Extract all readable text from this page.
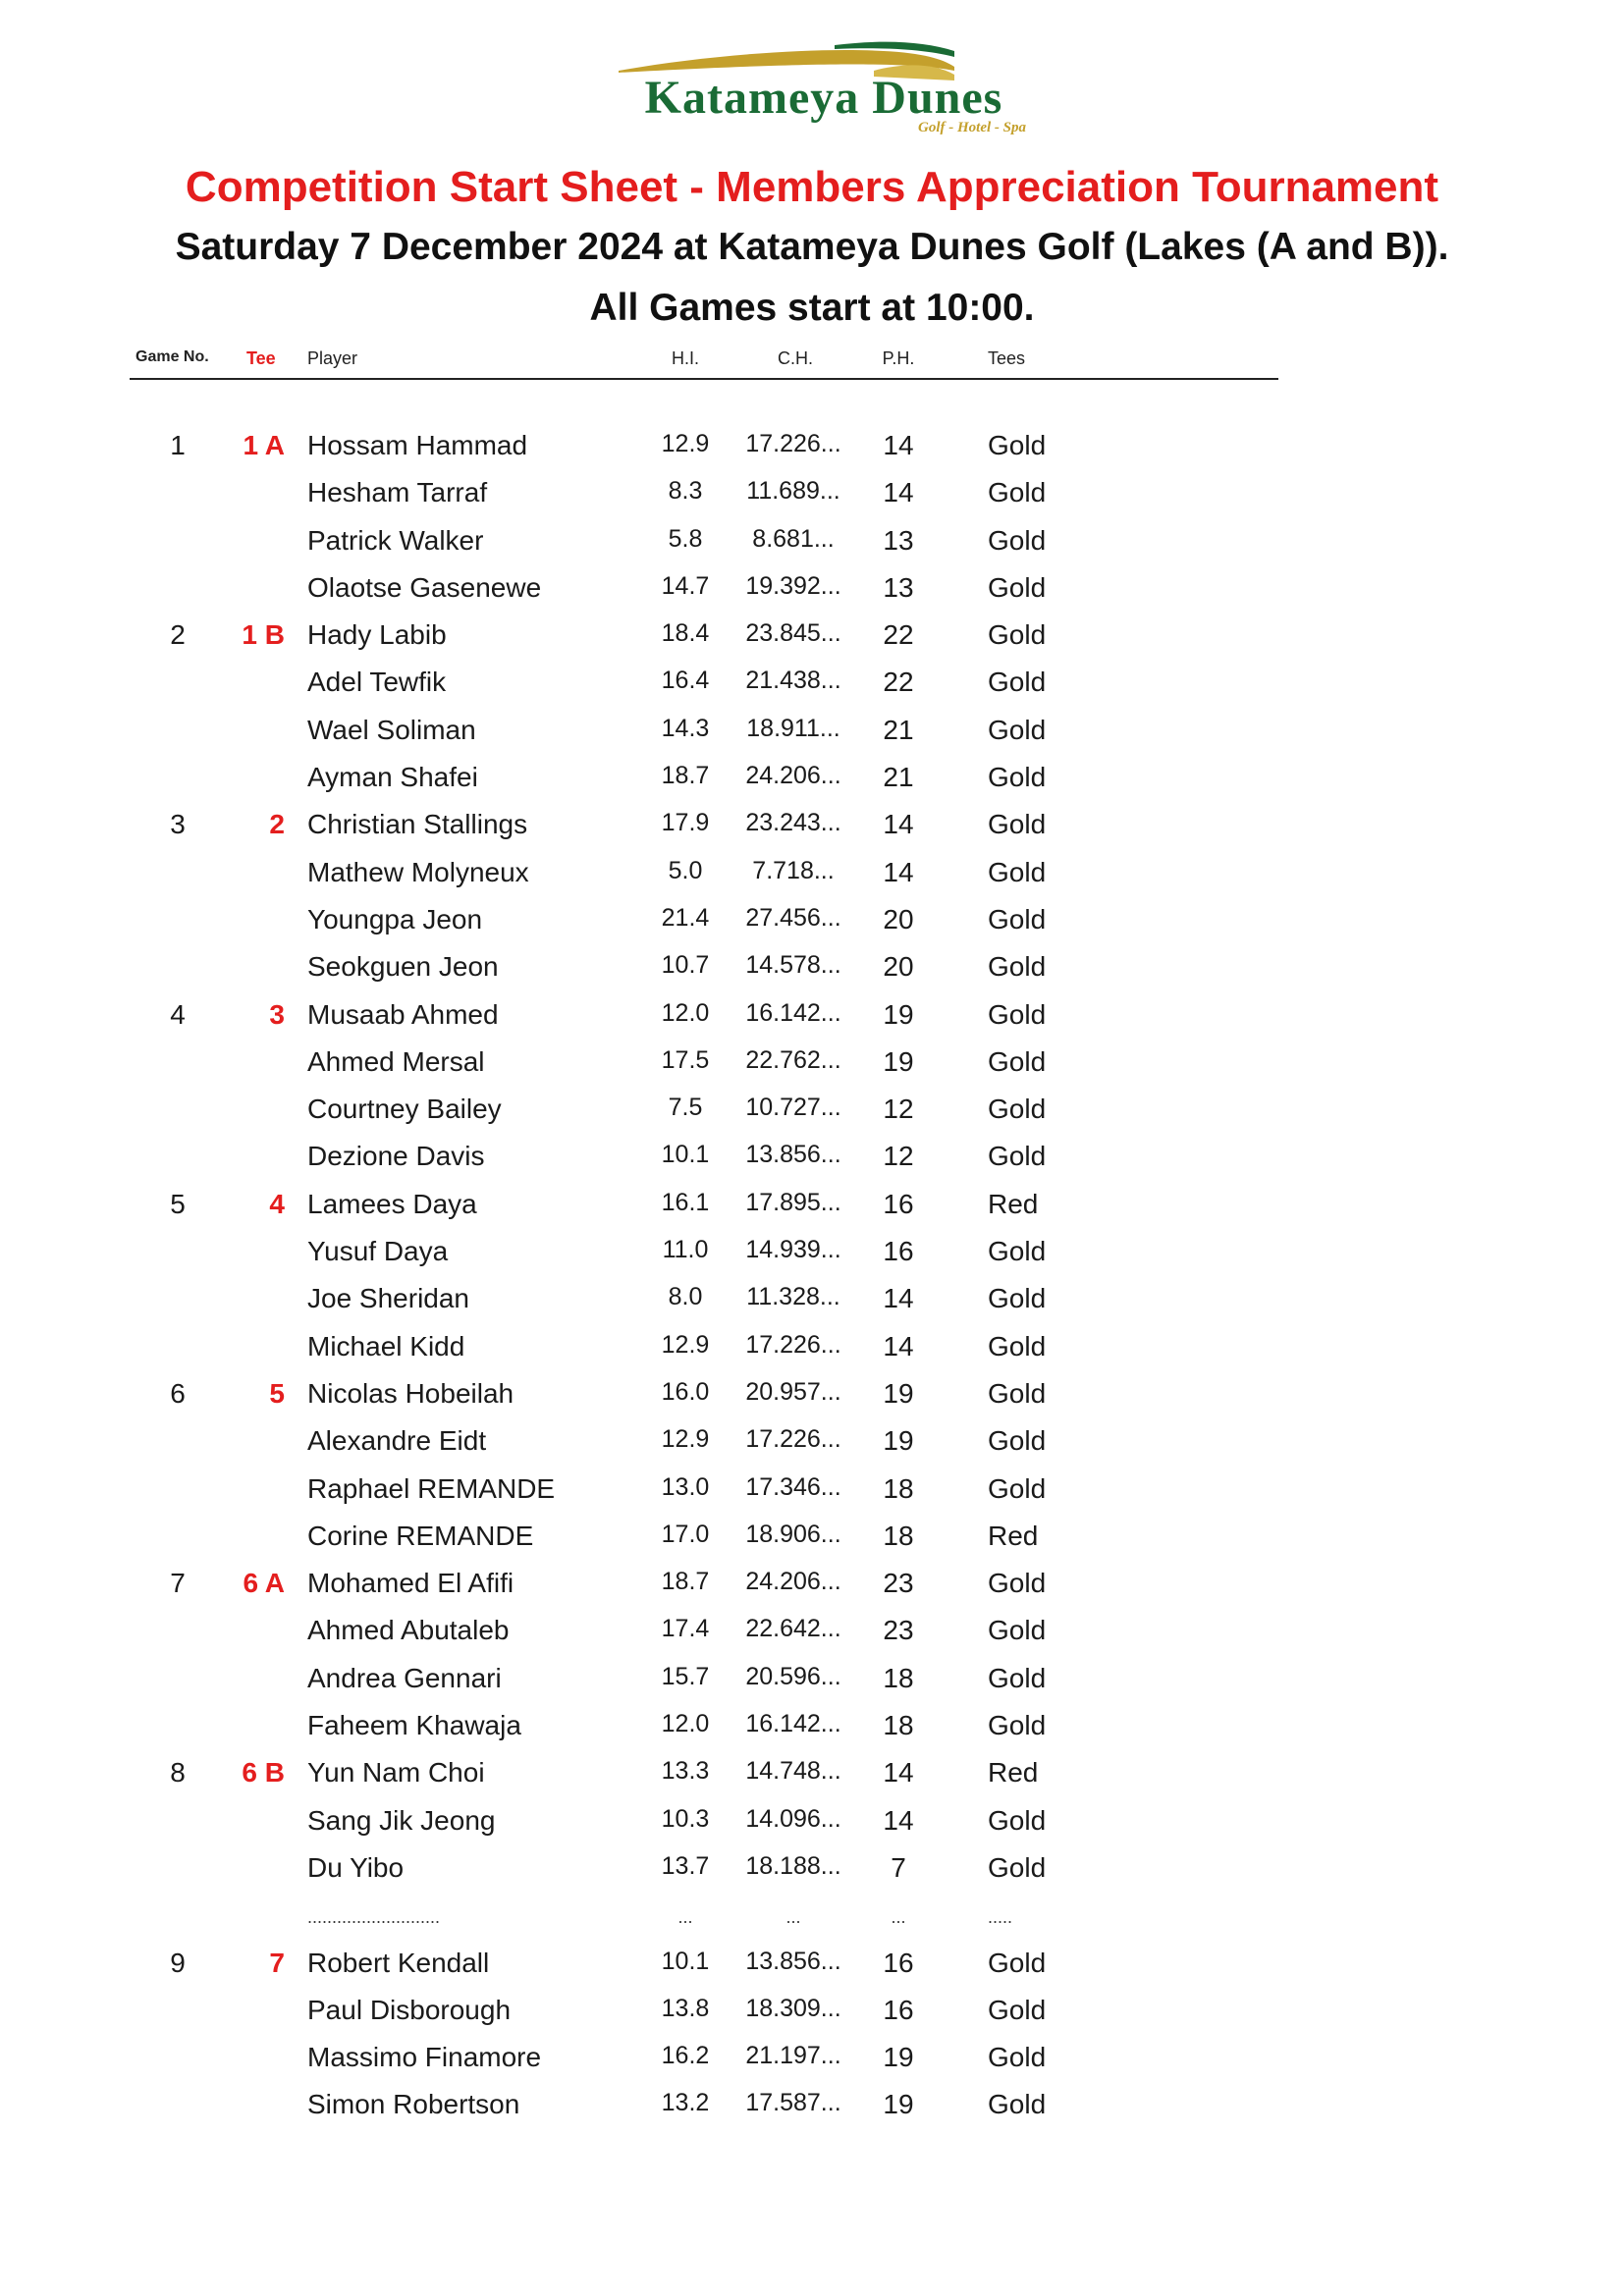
Katameya Dunes
Golf - Hotel - Spa
Competition Start Sheet - Members Appreciation Tournament
Saturday 7 December 2024 at Katameya Dunes Golf (Lakes (A and B)).
All Games start at 10:00.
Game No. Tee Player	H.I.	C.H.	P.H.	Tees
1	1 A Hossam Hammad	12.9	17.226...	14	Gold
Hesham Tarraf	8.3	11.689...	14	Gold
Patrick Walker	5.8	8.681...	13	Gold
Olaotse Gasenewe	14.7	19.392...	13	Gold
2	1 B Hady Labib	18.4	23.845...	22	Gold
Adel Tewfik	16.4	21.438...	22	Gold
Wael Soliman	14.3	18.911...	21	Gold
Ayman Shafei	18.7	24.206...	21	Gold
3	2 Christian Stallings	17.9	23.243...	14	Gold
Mathew Molyneux	5.0	7.718...	14	Gold
Youngpa Jeon	21.4	27.456...	20	Gold
Seokguen Jeon	10.7	14.578...	20	Gold
4	3 Musaab Ahmed	12.0	16.142...	19	Gold
Ahmed Mersal	17.5	22.762...	19	Gold
Courtney Bailey	7.5	10.727...	12	Gold
Dezione Davis	10.1	13.856...	12	Gold
5	4 Lamees Daya	16.1	17.895...	16	Red
Yusuf Daya	11.0	14.939...	16	Gold
Joe Sheridan	8.0	11.328...	14	Gold
Michael Kidd	12.9	17.226...	14	Gold
6	5 Nicolas Hobeilah	16.0	20.957...	19	Gold
Alexandre Eidt	12.9	17.226...	19	Gold
Raphael REMANDE	13.0	17.346...	18	Gold
Corine REMANDE	17.0	18.906...	18	Red
7	6 A Mohamed El Afifi	18.7	24.206...	23	Gold
Ahmed Abutaleb	17.4	22.642...	23	Gold
Andrea Gennari	15.7	20.596...	18	Gold
Faheem Khawaja	12.0	16.142...	18	Gold
8	6 B Yun Nam Choi	13.3	14.748...	14	Red
Sang Jik Jeong	10.3	14.096...	14	Gold
Du Yibo	13.7	18.188...	7	Gold
...........................	...	...	...	.....
9	7 Robert Kendall	10.1	13.856...	16	Gold
Paul Disborough	13.8	18.309...	16	Gold
Massimo Finamore	16.2	21.197...	19	Gold
Simon Robertson	13.2	17.587...	19	Gold
